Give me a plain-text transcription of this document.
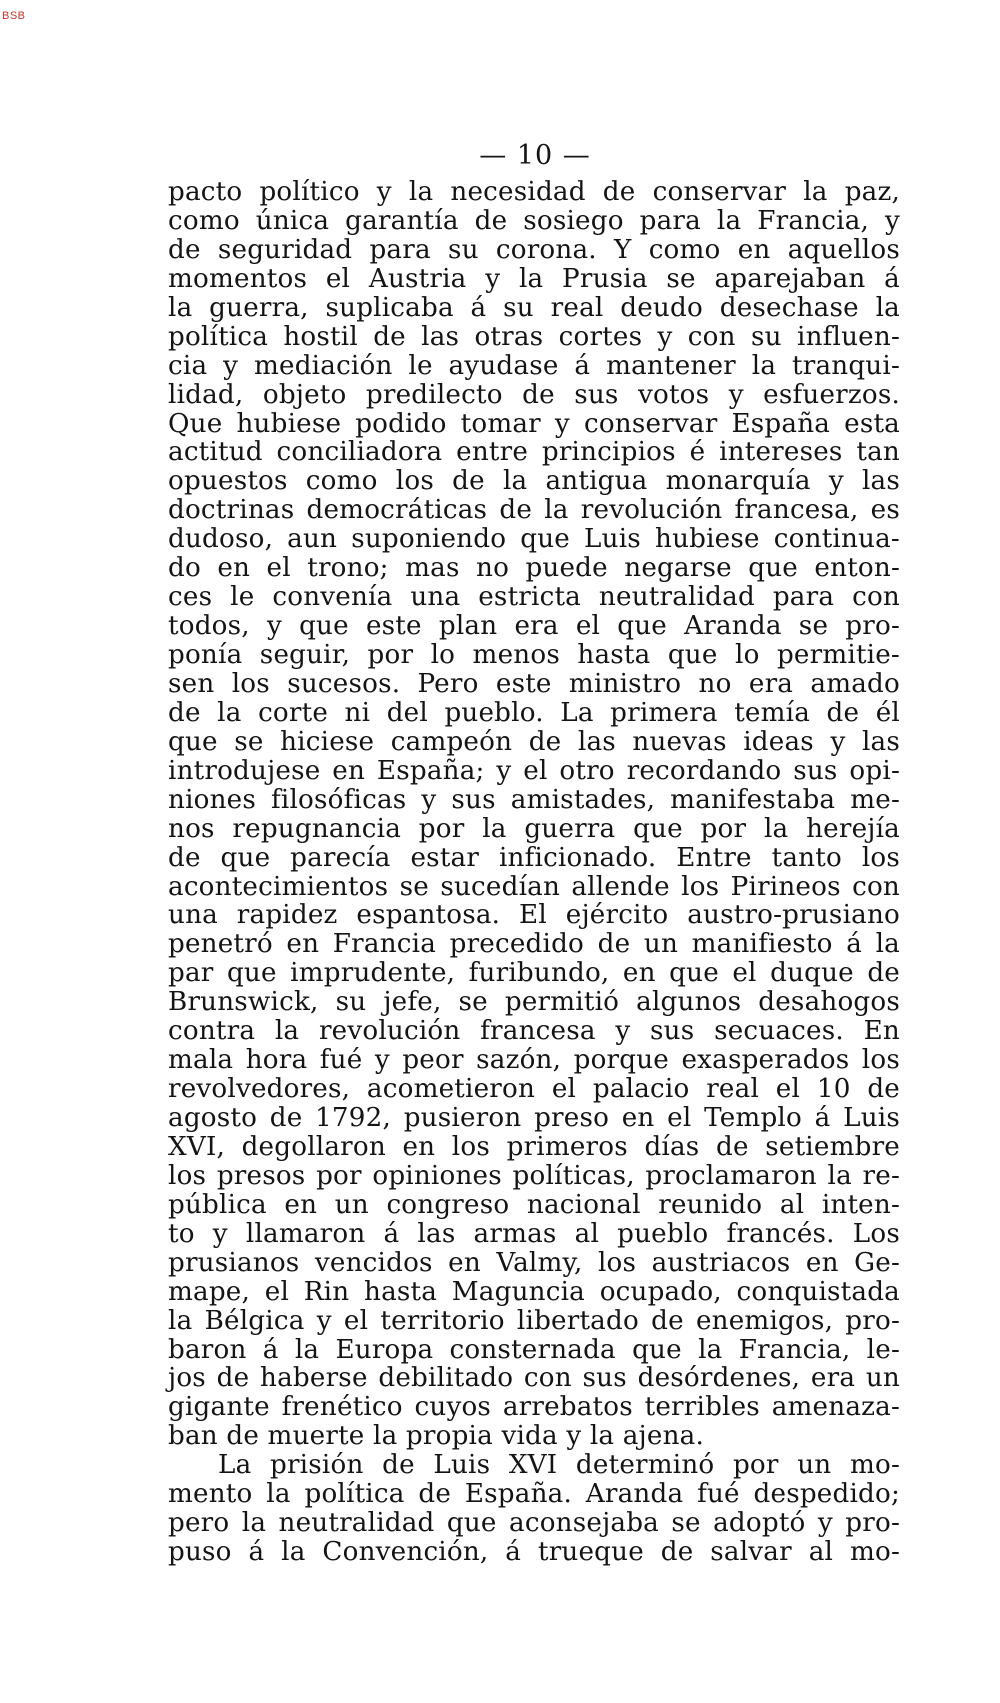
BSB
— 10 —
pacto político y la necesidad de conservar la paz,
como única garantía de sosiego para la Francia, y
de seguridad para su corona. Y como en aquellos
momentos el Austria y la Prusia se aparejaban á
la guerra, suplicaba á su real deudo desechase la
política hostil de las otras cortes y con su influen-
cia y mediación le ayudase á mantener la tranqui-
lidad, objeto predilecto de sus votos y esfuerzos.
Que hubiese podido tomar y conservar España esta
actitud conciliadora entre principios é intereses tan
opuestos como los de la antigua monarquía y las
doctrinas democráticas de la revolución francesa, es
dudoso, aun suponiendo que Luis hubiese continua-
do en el trono; mas no puede negarse que enton-
ces le convenía una estricta neutralidad para con
todos, y que este plan era el que Aranda se pro-
ponía seguir, por lo menos hasta que lo permitie-
sen los sucesos. Pero este ministro no era amado
de la corte ni del pueblo. La primera temía de él
que se hiciese campeón de las nuevas ideas y las
introdujese en España; y el otro recordando sus opi-
niones filosóficas y sus amistades, manifestaba me-
nos repugnancia por la guerra que por la herejía
de que parecía estar inficionado. Entre tanto los
acontecimientos se sucedían allende los Pirineos con
una rapidez espantosa. El ejército austro-prusiano
penetró en Francia precedido de un manifiesto á la
par que imprudente, furibundo, en que el duque de
Brunswick, su jefe, se permitió algunos desahogos
contra la revolución francesa y sus secuaces. En
mala hora fué y peor sazón, porque exasperados los
revolvedores, acometieron el palacio real el 10 de
agosto de 1792, pusieron preso en el Templo á Luis
XVI, degollaron en los primeros días de setiembre
los presos por opiniones políticas, proclamaron la re-
pública en un congreso nacional reunido al inten-
to y llamaron á las armas al pueblo francés. Los
prusianos vencidos en Valmy, los austriacos en Ge-
mape, el Rin hasta Maguncia ocupado, conquistada
la Bélgica y el territorio libertado de enemigos, pro-
baron á la Europa consternada que la Francia, le-
jos de haberse debilitado con sus desórdenes, era un
gigante frenético cuyos arrebatos terribles amenaza-
ban de muerte la propia vida y la ajena.
La prisión de Luis XVI determinó por un mo-
mento la política de España. Aranda fué despedido;
pero la neutralidad que aconsejaba se adoptó y pro-
puso á la Convención, á trueque de salvar al mo-
